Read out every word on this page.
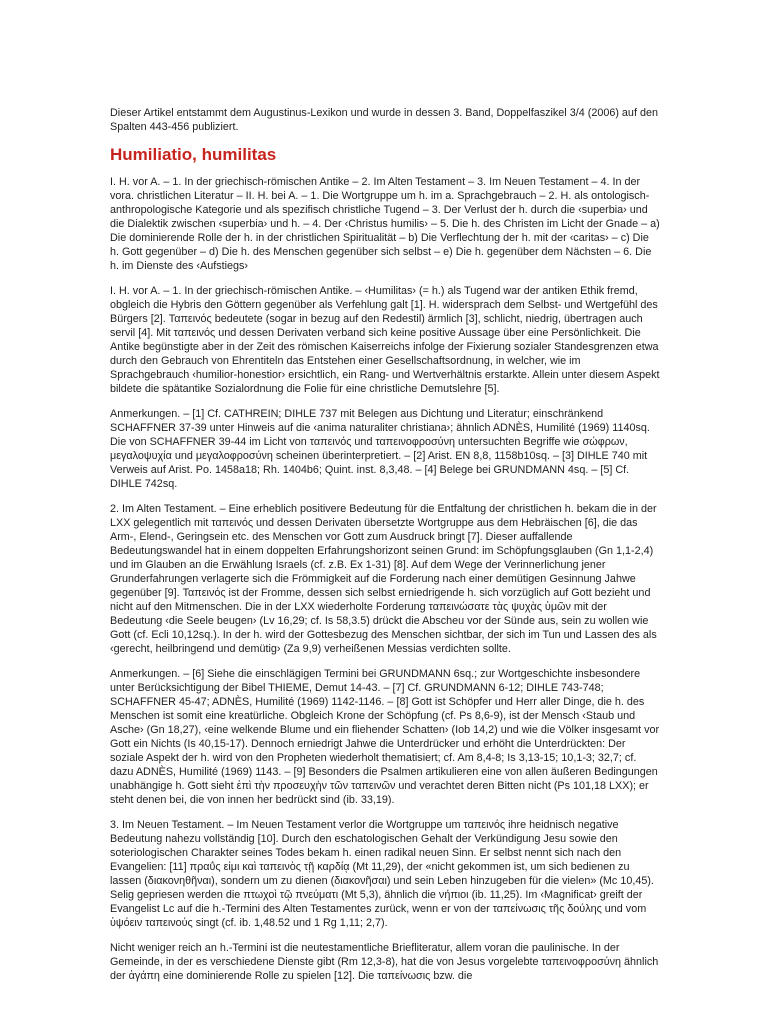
Dieser Artikel entstammt dem Augustinus-Lexikon und wurde in dessen 3. Band, Doppelfaszikel 3/4 (2006) auf den Spalten 443-456 publiziert.

Humiliatio, humilitas

I. H. vor A. – 1. In der griechisch-römischen Antike – 2. Im Alten Testament – 3. Im Neuen Testament – 4. In der vora. christlichen Literatur – II. H. bei A. – 1. Die Wortgruppe um h. im a. Sprachgebrauch – 2. H. als ontologisch-anthropologische Kategorie und als spezifisch christliche Tugend – 3. Der Verlust der h. durch die ‹superbia› und die Dialektik zwischen ‹superbia› und h. – 4. Der ‹Christus humilis› – 5. Die h. des Christen im Licht der Gnade – a) Die dominierende Rolle der h. in der christlichen Spiritualität – b) Die Verflechtung der h. mit der ‹caritas› – c) Die h. Gott gegenüber – d) Die h. des Menschen gegenüber sich selbst – e) Die h. gegenüber dem Nächsten – 6. Die h. im Dienste des ‹Aufstiegs›

I. H. vor A. – 1. In der griechisch-römischen Antike. – ‹Humilitas› (= h.) als Tugend war der antiken Ethik fremd, obgleich die Hybris den Göttern gegenüber als Verfehlung galt [1]. H. widersprach dem Selbst- und Wertgefühl des Bürgers [2]. Ταπεινός bedeutete (sogar in bezug auf den Redestil) ärmlich [3], schlicht, niedrig, übertragen auch servil [4]. Mit ταπεινός und dessen Derivaten verband sich keine positive Aussage über eine Persönlichkeit. Die Antike begünstigte aber in der Zeit des römischen Kaiserreichs infolge der Fixierung sozialer Standesgrenzen etwa durch den Gebrauch von Ehrentiteln das Entstehen einer Gesellschaftsordnung, in welcher, wie im Sprachgebrauch ‹humilior-honestior› ersichtlich, ein Rang- und Wertverhältnis erstarkte. Allein unter diesem Aspekt bildete die spätantike Sozialordnung die Folie für eine christliche Demutslehre [5].

Anmerkungen. – [1] Cf. CATHREIN; DIHLE 737 mit Belegen aus Dichtung und Literatur; einschränkend SCHAFFNER 37-39 unter Hinweis auf die ‹anima naturaliter christiana›; ähnlich ADNÈS, Humilité (1969) 1140sq. Die von SCHAFFNER 39-44 im Licht von ταπεινός und ταπεινοφροσύνη untersuchten Begriffe wie σώφρων, μεγαλοψυχία und μεγαλοφροσύνη scheinen überinterpretiert. – [2] Arist. EN 8,8, 1158b10sq. – [3] DIHLE 740 mit Verweis auf Arist. Po. 1458a18; Rh. 1404b6; Quint. inst. 8,3,48. – [4] Belege bei GRUNDMANN 4sq. – [5] Cf. DIHLE 742sq.

2. Im Alten Testament. – Eine erheblich positivere Bedeutung für die Entfaltung der christlichen h. bekam die in der LXX gelegentlich mit ταπεινός und dessen Derivaten übersetzte Wortgruppe aus dem Hebräischen [6], die das Arm-, Elend-, Geringsein etc. des Menschen vor Gott zum Ausdruck bringt [7]. Dieser auffallende Bedeutungswandel hat in einem doppelten Erfahrungshorizont seinen Grund: im Schöpfungsglauben (Gn 1,1-2,4) und im Glauben an die Erwählung Israels (cf. z.B. Ex 1-31) [8]. Auf dem Wege der Verinnerlichung jener Grunderfahrungen verlagerte sich die Frömmigkeit auf die Forderung nach einer demütigen Gesinnung Jahwe gegenüber [9]. Ταπεινός ist der Fromme, dessen sich selbst erniedrigende h. sich vorzüglich auf Gott bezieht und nicht auf den Mitmenschen. Die in der LXX wiederholte Forderung ταπεινώσατε τὰς ψυχὰς ὑμῶν mit der Bedeutung ‹die Seele beugen› (Lv 16,29; cf. Is 58,3.5) drückt die Abscheu vor der Sünde aus, sein zu wollen wie Gott (cf. Ecli 10,12sq.). In der h. wird der Gottesbezug des Menschen sichtbar, der sich im Tun und Lassen des als ‹gerecht, heilbringend und demütig› (Za 9,9) verheißenen Messias verdichten sollte.

Anmerkungen. – [6] Siehe die einschlägigen Termini bei GRUNDMANN 6sq.; zur Wortgeschichte insbesondere unter Berücksichtigung der Bibel THIEME, Demut 14-43. – [7] Cf. GRUNDMANN 6-12; DIHLE 743-748; SCHAFFNER 45-47; ADNÈS, Humilité (1969) 1142-1146. – [8] Gott ist Schöpfer und Herr aller Dinge, die h. des Menschen ist somit eine kreatürliche. Obgleich Krone der Schöpfung (cf. Ps 8,6-9), ist der Mensch ‹Staub und Asche› (Gn 18,27), ‹eine welkende Blume und ein fliehender Schatten› (Iob 14,2) und wie die Völker insgesamt vor Gott ein Nichts (Is 40,15-17). Dennoch erniedrigt Jahwe die Unterdrücker und erhöht die Unterdrückten: Der soziale Aspekt der h. wird von den Propheten wiederholt thematisiert; cf. Am 8,4-8; Is 3,13-15; 10,1-3; 32,7; cf. dazu ADNÈS, Humilité (1969) 1143. – [9] Besonders die Psalmen artikulieren eine von allen äußeren Bedingungen unabhängige h. Gott sieht ἐπὶ τὴν προσευχὴν τῶν ταπεινῶν und verachtet deren Bitten nicht (Ps 101,18 LXX); er steht denen bei, die von innen her bedrückt sind (ib. 33,19).

3. Im Neuen Testament. – Im Neuen Testament verlor die Wortgruppe um ταπεινός ihre heidnisch negative Bedeutung nahezu vollständig [10]. Durch den eschatologischen Gehalt der Verkündigung Jesu sowie den soteriologischen Charakter seines Todes bekam h. einen radikal neuen Sinn. Er selbst nennt sich nach den Evangelien: [11] πραΰς εἰμι καὶ ταπεινὸς τῇ καρδίᾳ (Mt 11,29), der «nicht gekommen ist, um sich bedienen zu lassen (διακονηθῆναι), sondern um zu dienen (διακονῆσαι) und sein Leben hinzugeben für die vielen» (Mc 10,45). Selig gepriesen werden die πτωχοὶ τῷ πνεύματι (Mt 5,3), ähnlich die νήπιοι (ib. 11,25). Im ‹Magnificat› greift der Evangelist Lc auf die h.-Termini des Alten Testamentes zurück, wenn er von der ταπείνωσις τῆς δούλης und vom ὑψόειν ταπεινούς singt (cf. ib. 1,48.52 und 1 Rg 1,11; 2,7).

Nicht weniger reich an h.-Termini ist die neutestamentliche Briefliteratur, allem voran die paulinische. In der Gemeinde, in der es verschiedene Dienste gibt (Rm 12,3-8), hat die von Jesus vorgelebte ταπεινοφροσύνη ähnlich der ἀγάπη eine dominierende Rolle zu spielen [12]. Die ταπείνωσις bzw. die
